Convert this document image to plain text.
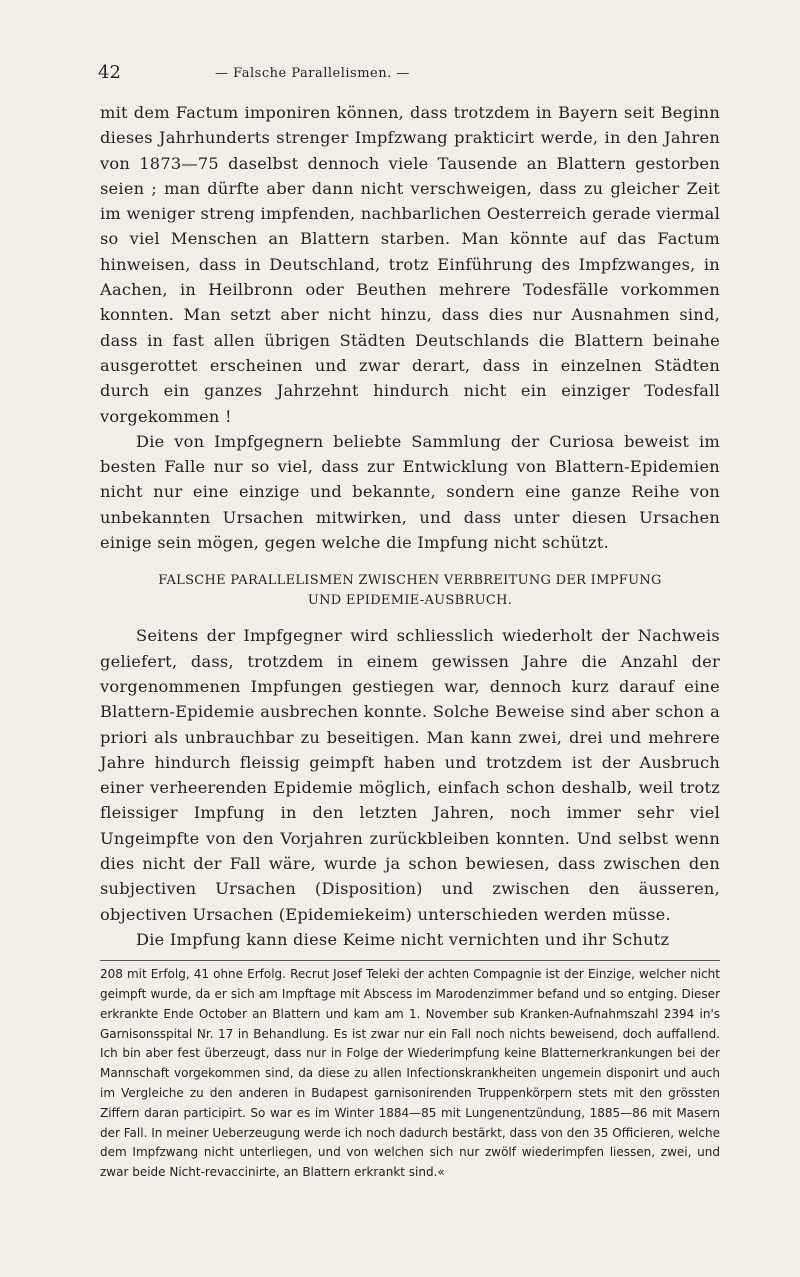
42	— Falsche Parallelismen. —

mit dem Factum imponiren können, dass trotzdem in Bayern seit Beginn dieses Jahrhunderts strenger Impfzwang prakticirt werde, in den Jahren von 1873—75 daselbst dennoch viele Tausende an Blattern gestorben seien ; man dürfte aber dann nicht verschweigen, dass zu gleicher Zeit im weniger streng impfenden, nachbarlichen Oesterreich gerade viermal so viel Menschen an Blattern starben. Man könnte auf das Factum hinweisen, dass in Deutschland, trotz Einführung des Impfzwanges, in Aachen, in Heilbronn oder Beuthen mehrere Todesfälle vorkommen konnten. Man setzt aber nicht hinzu, dass dies nur Ausnahmen sind, dass in fast allen übrigen Städten Deutschlands die Blattern beinahe ausgerottet erscheinen und zwar derart, dass in einzelnen Städten durch ein ganzes Jahrzehnt hindurch nicht ein einziger Todesfall vorgekommen !

Die von Impfgegnern beliebte Sammlung der Curiosa beweist im besten Falle nur so viel, dass zur Entwicklung von Blattern-Epidemien nicht nur eine einzige und bekannte, sondern eine ganze Reihe von unbekannten Ursachen mitwirken, und dass unter diesen Ursachen einige sein mögen, gegen welche die Impfung nicht schützt.

FALSCHE PARALLELISMEN ZWISCHEN VERBREITUNG DER IMPFUNG
UND EPIDEMIE-AUSBRUCH.

Seitens der Impfgegner wird schliesslich wiederholt der Nachweis geliefert, dass, trotzdem in einem gewissen Jahre die Anzahl der vorgenommenen Impfungen gestiegen war, dennoch kurz darauf eine Blattern-Epidemie ausbrechen konnte. Solche Beweise sind aber schon a priori als unbrauchbar zu beseitigen. Man kann zwei, drei und mehrere Jahre hindurch fleissig geimpft haben und trotzdem ist der Ausbruch einer verheerenden Epidemie möglich, einfach schon deshalb, weil trotz fleissiger Impfung in den letzten Jahren, noch immer sehr viel Ungeimpfte von den Vorjahren zurückbleiben konnten. Und selbst wenn dies nicht der Fall wäre, wurde ja schon bewiesen, dass zwischen den subjectiven Ursachen (Disposition) und zwischen den äusseren, objectiven Ursachen (Epidemiekeim) unterschieden werden müsse.

Die Impfung kann diese Keime nicht vernichten und ihr Schutz

208 mit Erfolg, 41 ohne Erfolg. Recrut Josef Teleki der achten Compagnie ist der Einzige, welcher nicht geimpft wurde, da er sich am Impftage mit Abscess im Marodenzimmer befand und so entging. Dieser erkrankte Ende October an Blattern und kam am 1. November sub Kranken-Aufnahmszahl 2394 in's Garnisonsspital Nr. 17 in Behandlung. Es ist zwar nur ein Fall noch nichts beweisend, doch auffallend. Ich bin aber fest überzeugt, dass nur in Folge der Wiederimpfung keine Blatternerkrankungen bei der Mannschaft vorgekommen sind, da diese zu allen Infectionskrankheiten ungemein disponirt und auch im Vergleiche zu den anderen in Budapest garnisonirenden Truppenkörpern stets mit den grössten Ziffern daran participirt. So war es im Winter 1884—85 mit Lungenentzündung, 1885—86 mit Masern der Fall. In meiner Ueberzeugung werde ich noch dadurch bestärkt, dass von den 35 Officieren, welche dem Impfzwang nicht unterliegen, und von welchen sich nur zwölf wiederimpfen liessen, zwei, und zwar beide Nicht-revaccinirte, an Blattern erkrankt sind.«
